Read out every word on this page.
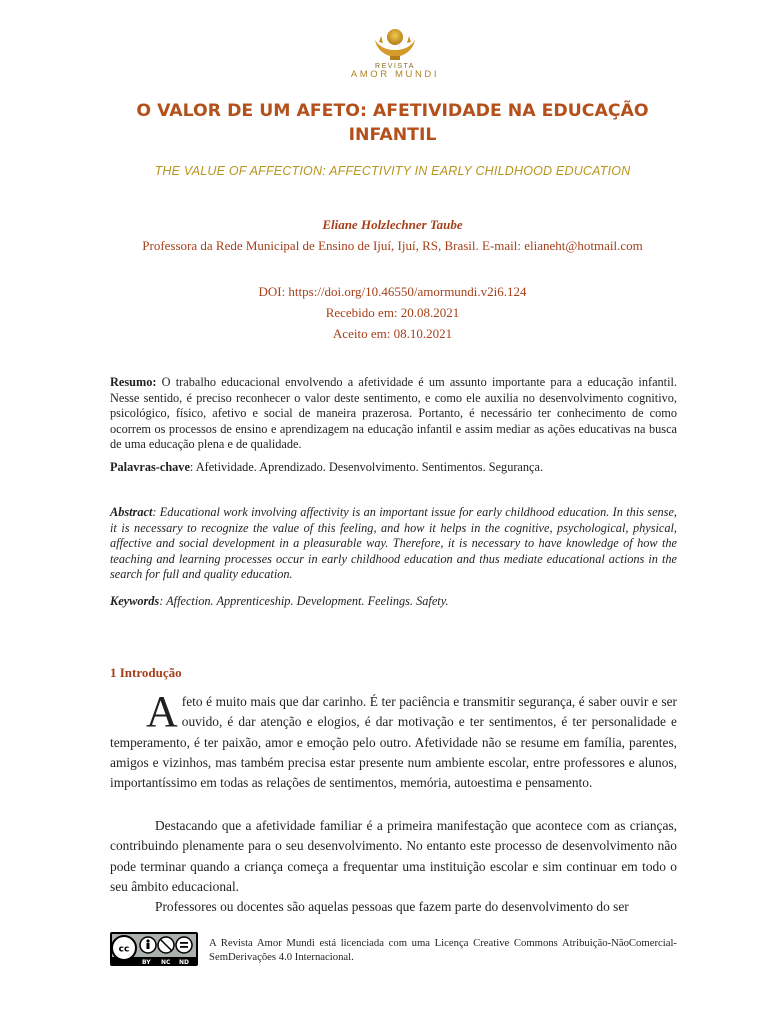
REVISTA
AMOR MUNDI
O VALOR DE UM AFETO: AFETIVIDADE NA EDUCAÇÃO INFANTIL
THE VALUE OF AFFECTION: AFFECTIVITY IN EARLY CHILDHOOD EDUCATION
Eliane Holzlechner Taube
Professora da Rede Municipal de Ensino de Ijuí, Ijuí, RS, Brasil. E-mail: elianeht@hotmail.com
DOI: https://doi.org/10.46550/amormundi.v2i6.124
Recebido em: 20.08.2021
Aceito em: 08.10.2021
Resumo: O trabalho educacional envolvendo a afetividade é um assunto importante para a educação infantil. Nesse sentido, é preciso reconhecer o valor deste sentimento, e como ele auxilia no desenvolvimento cognitivo, psicológico, físico, afetivo e social de maneira prazerosa. Portanto, é necessário ter conhecimento de como ocorrem os processos de ensino e aprendizagem na educação infantil e assim mediar as ações educativas na busca de uma educação plena e de qualidade.
Palavras-chave: Afetividade. Aprendizado. Desenvolvimento. Sentimentos. Segurança.
Abstract: Educational work involving affectivity is an important issue for early childhood education. In this sense, it is necessary to recognize the value of this feeling, and how it helps in the cognitive, psychological, physical, affective and social development in a pleasurable way. Therefore, it is necessary to have knowledge of how the teaching and learning processes occur in early childhood education and thus mediate educational actions in the search for full and quality education.
Keywords: Affection. Apprenticeship. Development. Feelings. Safety.
1 Introdução
Afeto é muito mais que dar carinho. É ter paciência e transmitir segurança, é saber ouvir e ser ouvido, é dar atenção e elogios, é dar motivação e ter sentimentos, é ter personalidade e temperamento, é ter paixão, amor e emoção pelo outro. Afetividade não se resume em família, parentes, amigos e vizinhos, mas também precisa estar presente num ambiente escolar, entre professores e alunos, importantíssimo em todas as relações de sentimentos, memória, autoestima e pensamento.
Destacando que a afetividade familiar é a primeira manifestação que acontece com as crianças, contribuindo plenamente para o seu desenvolvimento. No entanto este processo de desenvolvimento não pode terminar quando a criança começa a frequentar uma instituição escolar e sim continuar em todo o seu âmbito educacional.
Professores ou docentes são aquelas pessoas que fazem parte do desenvolvimento do ser
BY NC ND
cc
A Revista Amor Mundi está licenciada com uma Licença Creative Commons Atribuição-NãoComercial-SemDerivações 4.0 Internacional.
